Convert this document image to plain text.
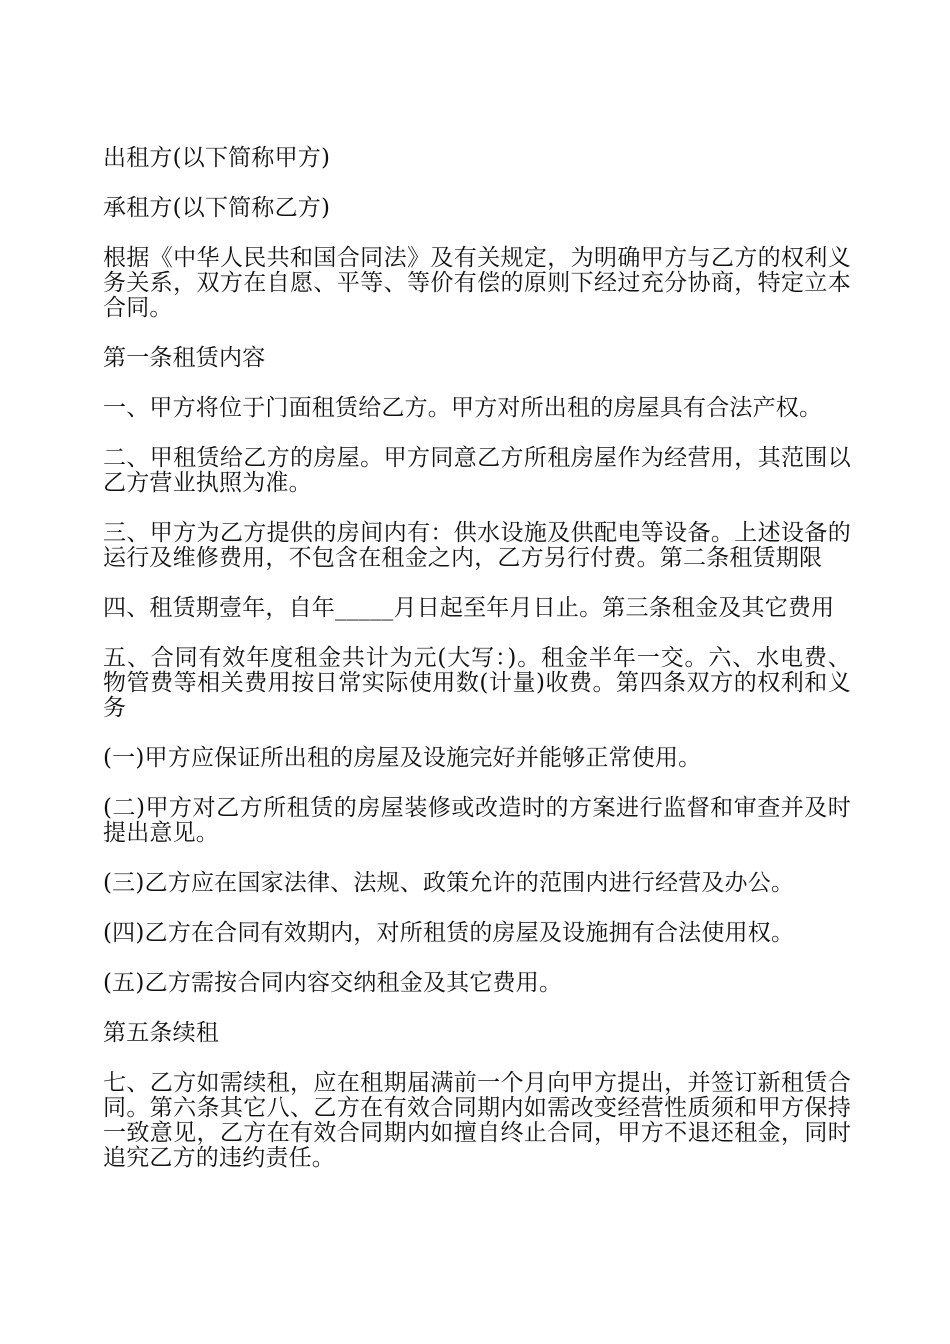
出租方(以下简称甲方)

承租方(以下简称乙方)

根据《中华人民共和国合同法》及有关规定，为明确甲方与乙方的权利义务关系，双方在自愿、平等、等价有偿的原则下经过充分协商，特定立本合同。

第一条租赁内容

一、甲方将位于门面租赁给乙方。甲方对所出租的房屋具有合法产权。

二、甲租赁给乙方的房屋。甲方同意乙方所租房屋作为经营用，其范围以乙方营业执照为准。

三、甲方为乙方提供的房间内有：供水设施及供配电等设备。上述设备的运行及维修费用，不包含在租金之内，乙方另行付费。第二条租赁期限

四、租赁期壹年，自年_____月日起至年月日止。第三条租金及其它费用

五、合同有效年度租金共计为元(大写：)。租金半年一交。六、水电费、物管费等相关费用按日常实际使用数(计量)收费。第四条双方的权利和义务

(一)甲方应保证所出租的房屋及设施完好并能够正常使用。

(二)甲方对乙方所租赁的房屋装修或改造时的方案进行监督和审查并及时提出意见。

(三)乙方应在国家法律、法规、政策允许的范围内进行经营及办公。

(四)乙方在合同有效期内，对所租赁的房屋及设施拥有合法使用权。

(五)乙方需按合同内容交纳租金及其它费用。

第五条续租

七、乙方如需续租，应在租期届满前一个月向甲方提出，并签订新租赁合同。第六条其它八、乙方在有效合同期内如需改变经营性质须和甲方保持一致意见，乙方在有效合同期内如擅自终止合同，甲方不退还租金，同时追究乙方的违约责任。
